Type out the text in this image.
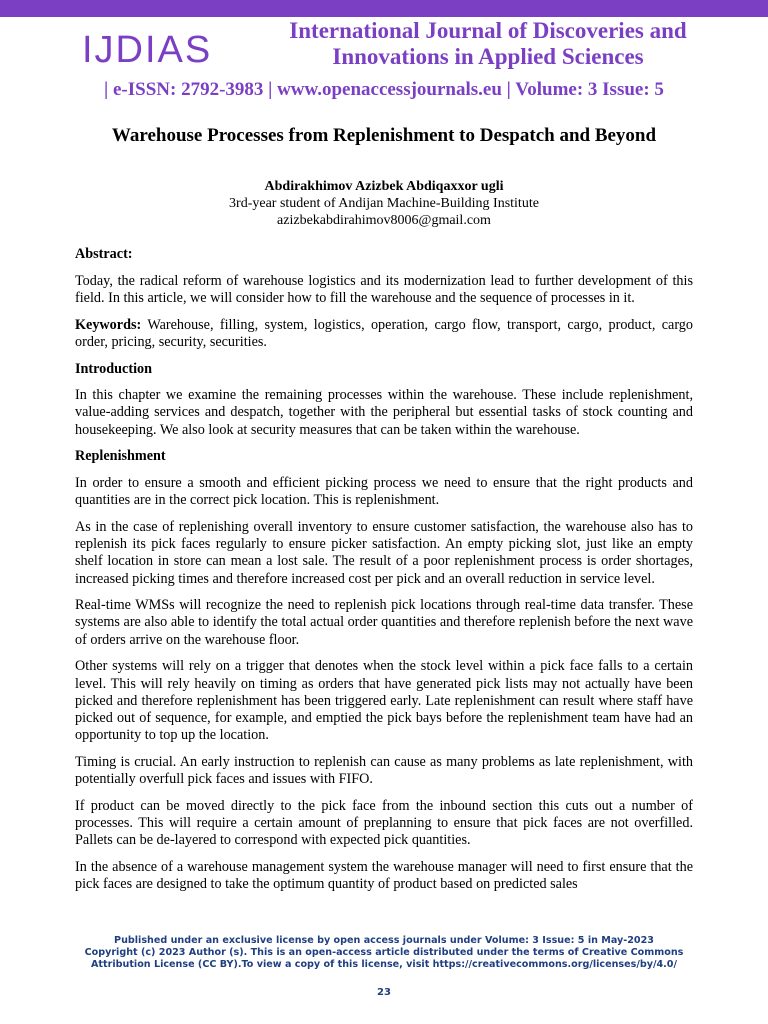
IJDIAS	International Journal of Discoveries and
Innovations in Applied Sciences
| e-ISSN: 2792-3983 | www.openaccessjournals.eu | Volume: 3 Issue: 5
Warehouse Processes from Replenishment to Despatch and Beyond
Abdirakhimov Azizbek Abdiqaxxor ugli
3rd-year student of Andijan Machine-Building Institute
azizbekabdirahimov8006@gmail.com

Abstract:

Today, the radical reform of warehouse logistics and its modernization lead to further development of this field. In this article, we will consider how to fill the warehouse and the sequence of processes in it.

Keywords: Warehouse, filling, system, logistics, operation, cargo flow, transport, cargo, product, cargo order, pricing, security, securities.

Introduction

In this chapter we examine the remaining processes within the warehouse. These include replenishment, value-adding services and despatch, together with the peripheral but essential tasks of stock counting and housekeeping. We also look at security measures that can be taken within the warehouse.

Replenishment

In order to ensure a smooth and efficient picking process we need to ensure that the right products and quantities are in the correct pick location. This is replenishment.

As in the case of replenishing overall inventory to ensure customer satisfaction, the warehouse also has to replenish its pick faces regularly to ensure picker satisfaction. An empty picking slot, just like an empty shelf location in store can mean a lost sale. The result of a poor replenishment process is order shortages, increased picking times and therefore increased cost per pick and an overall reduction in service level.

Real-time WMSs will recognize the need to replenish pick locations through real-time data transfer. These systems are also able to identify the total actual order quantities and therefore replenish before the next wave of orders arrive on the warehouse floor.

Other systems will rely on a trigger that denotes when the stock level within a pick face falls to a certain level. This will rely heavily on timing as orders that have generated pick lists may not actually have been picked and therefore replenishment has been triggered early. Late replenishment can result where staff have picked out of sequence, for example, and emptied the pick bays before the replenishment team have had an opportunity to top up the location.

Timing is crucial. An early instruction to replenish can cause as many problems as late replenishment, with potentially overfull pick faces and issues with FIFO.

If product can be moved directly to the pick face from the inbound section this cuts out a number of processes. This will require a certain amount of preplanning to ensure that pick faces are not overfilled. Pallets can be de-layered to correspond with expected pick quantities.

In the absence of a warehouse management system the warehouse manager will need to first ensure that the pick faces are designed to take the optimum quantity of product based on predicted sales

Published under an exclusive license by open access journals under Volume: 3 Issue: 5 in May-2023
Copyright (c) 2023 Author (s). This is an open-access article distributed under the terms of Creative Commons
Attribution License (CC BY).To view a copy of this license, visit https://creativecommons.org/licenses/by/4.0/
23
